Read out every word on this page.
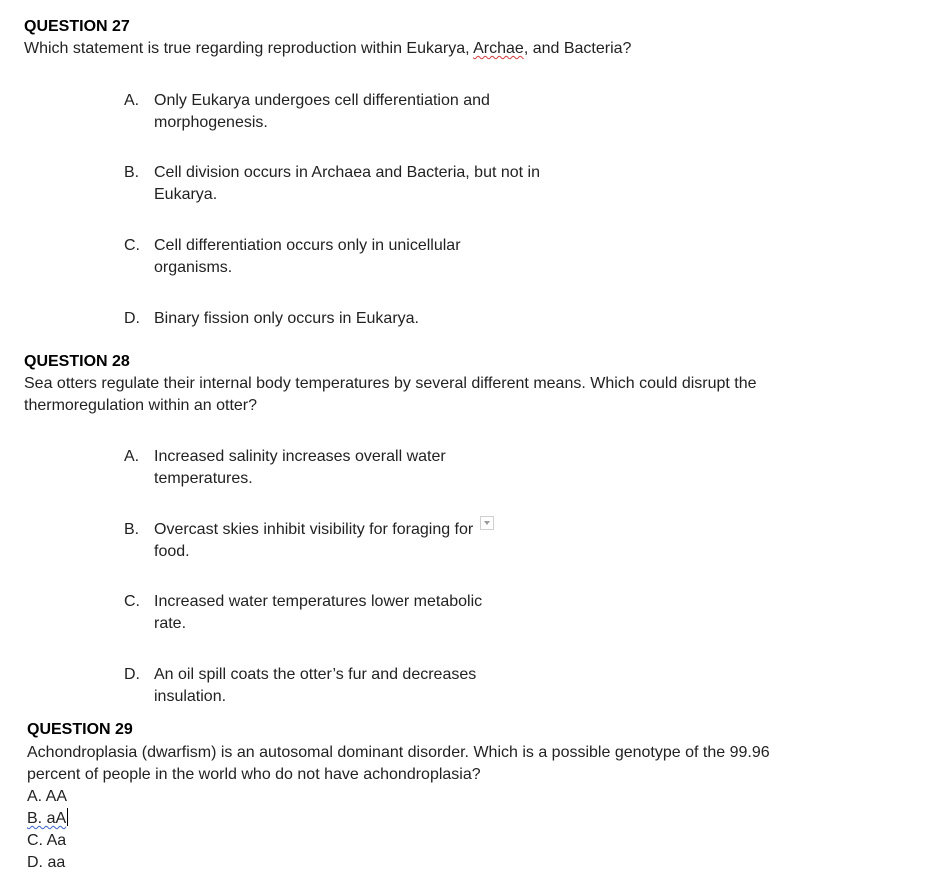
QUESTION 27
Which statement is true regarding reproduction within Eukarya, Archae, and Bacteria?
A. Only Eukarya undergoes cell differentiation and morphogenesis.
B. Cell division occurs in Archaea and Bacteria, but not in Eukarya.
C. Cell differentiation occurs only in unicellular organisms.
D. Binary fission only occurs in Eukarya.
QUESTION 28
Sea otters regulate their internal body temperatures by several different means. Which could disrupt the thermoregulation within an otter?
A. Increased salinity increases overall water temperatures.
B. Overcast skies inhibit visibility for foraging for food.
C. Increased water temperatures lower metabolic rate.
D. An oil spill coats the otter’s fur and decreases insulation.
QUESTION 29
Achondroplasia (dwarfism) is an autosomal dominant disorder. Which is a possible genotype of the 99.96 percent of people in the world who do not have achondroplasia?
A. AA
B. aA
C. Aa
D. aa
